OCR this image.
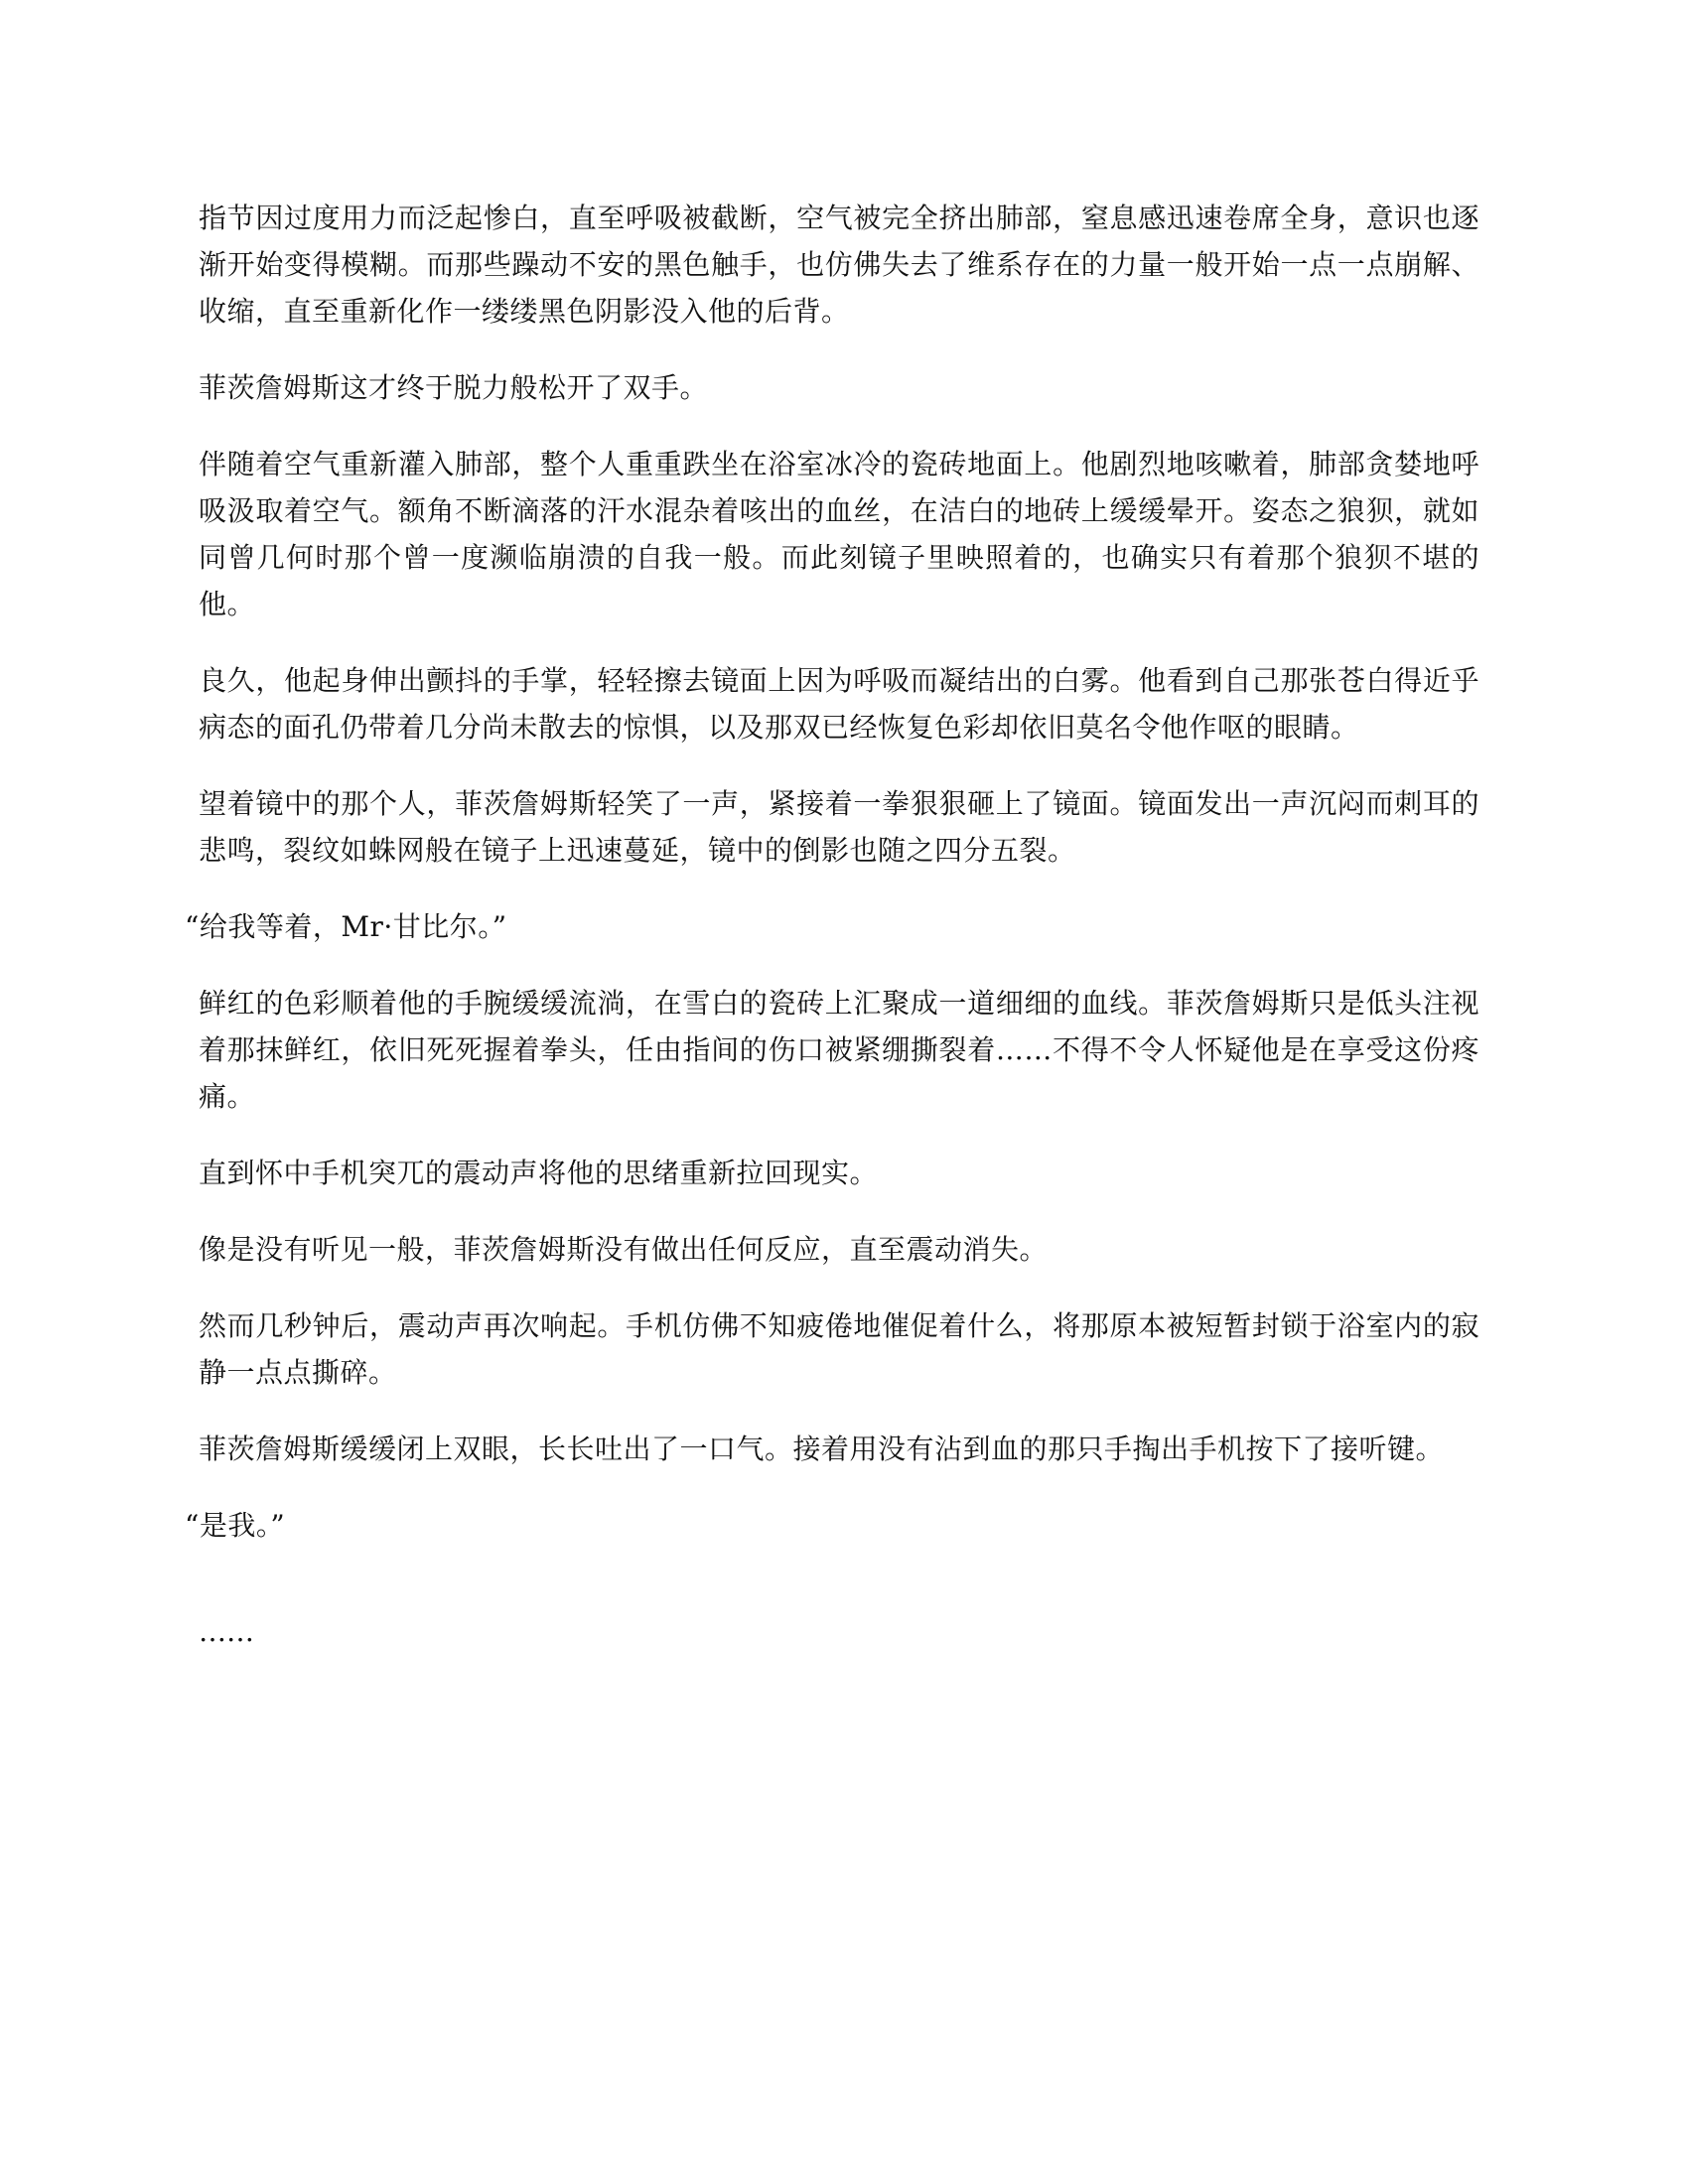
指节因过度用力而泛起惨白，直至呼吸被截断，空气被完全挤出肺部，窒息感迅速卷席全身，意识也逐渐开始变得模糊。而那些躁动不安的黑色触手，也仿佛失去了维系存在的力量一般开始一点一点崩解、收缩，直至重新化作一缕缕黑色阴影没入他的后背。

菲茨詹姆斯这才终于脱力般松开了双手。

伴随着空气重新灌入肺部，整个人重重跌坐在浴室冰冷的瓷砖地面上。他剧烈地咳嗽着，肺部贪婪地呼吸汲取着空气。额角不断滴落的汗水混杂着咳出的血丝，在洁白的地砖上缓缓晕开。姿态之狼狈，就如同曾几何时那个曾一度濒临崩溃的自我一般。而此刻镜子里映照着的，也确实只有着那个狼狈不堪的他。

良久，他起身伸出颤抖的手掌，轻轻擦去镜面上因为呼吸而凝结出的白雾。他看到自己那张苍白得近乎病态的面孔仍带着几分尚未散去的惊惧，以及那双已经恢复色彩却依旧莫名令他作呕的眼睛。

望着镜中的那个人，菲茨詹姆斯轻笑了一声，紧接着一拳狠狠砸上了镜面。镜面发出一声沉闷而刺耳的悲鸣，裂纹如蛛网般在镜子上迅速蔓延，镜中的倒影也随之四分五裂。

“给我等着，Mr·甘比尔。”

鲜红的色彩顺着他的手腕缓缓流淌，在雪白的瓷砖上汇聚成一道细细的血线。菲茨詹姆斯只是低头注视着那抹鲜红，依旧死死握着拳头，任由指间的伤口被紧绷撕裂着……不得不令人怀疑他是在享受这份疼痛。

直到怀中手机突兀的震动声将他的思绪重新拉回现实。

像是没有听见一般，菲茨詹姆斯没有做出任何反应，直至震动消失。

然而几秒钟后，震动声再次响起。手机仿佛不知疲倦地催促着什么，将那原本被短暂封锁于浴室内的寂静一点点撕碎。

菲茨詹姆斯缓缓闭上双眼，长长吐出了一口气。接着用没有沾到血的那只手掏出手机按下了接听键。

“是我。”

……
